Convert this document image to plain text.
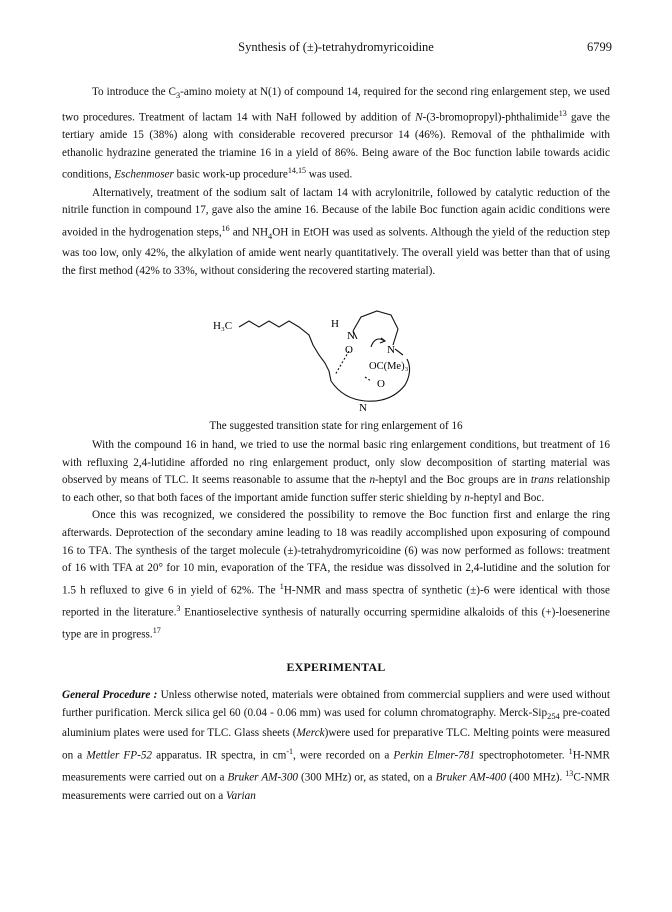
Synthesis of (±)-tetrahydromyricoidine	6799

To introduce the $C_3$-amino moiety at N(1) of compound 14, required for the second ring enlargement step, we used two procedures. Treatment of lactam 14 with NaH followed by addition of N-(3-bromopropyl)-phthalimide$^{13}$ gave the tertiary amide 15 (38%) along with considerable recovered precursor 14 (46%). Removal of the phthalimide with ethanolic hydrazine generated the triamine 16 in a yield of 86%. Being aware of the Boc function labile towards acidic conditions, Eschenmoser basic work-up procedure$^{14,15}$ was used.

Alternatively, treatment of the sodium salt of lactam 14 with acrylonitrile, followed by catalytic reduction of the nitrile function in compound 17, gave also the amine 16. Because of the labile Boc function again acidic conditions were avoided in the hydrogenation steps,$^{16}$ and $NH_4OH$ in EtOH was used as solvents. Although the yield of the reduction step was too low, only 42%, the alkylation of amide went nearly quantitatively. The overall yield was better than that of using the first method (42% to 33%, without considering the recovered starting material).

H₃C	H
N
O	N
OC(Me)₃
O
N
The suggested transition state for ring enlargement of 16

With the compound 16 in hand, we tried to use the normal basic ring enlargement conditions, but treatment of 16 with refluxing 2,4-lutidine afforded no ring enlargement product, only slow decomposition of starting material was observed by means of TLC. It seems reasonable to assume that the n-heptyl and the Boc groups are in trans relationship to each other, so that both faces of the important amide function suffer steric shielding by n-heptyl and Boc.

Once this was recognized, we considered the possibility to remove the Boc function first and enlarge the ring afterwards. Deprotection of the secondary amine leading to 18 was readily accomplished upon exposuring of compound 16 to TFA. The synthesis of the target molecule (±)-tetrahydromyricoidine (6) was now performed as follows: treatment of 16 with TFA at 20° for 10 min, evaporation of the TFA, the residue was dissolved in 2,4-lutidine and the solution for 1.5 h refluxed to give 6 in yield of 62%. The $^1$H-NMR and mass spectra of synthetic (±)-6 were identical with those reported in the literature.$^3$ Enantioselective synthesis of naturally occurring spermidine alkaloids of this (+)-loesenerine type are in progress.$^{17}$

EXPERIMENTAL

General Procedure : Unless otherwise noted, materials were obtained from commercial suppliers and were used without further purification. Merck silica gel 60 (0.04 - 0.06 mm) was used for column chromatography. Merck-Sip$_{254}$ pre-coated aluminium plates were used for TLC. Glass sheets (Merck)were used for preparative TLC. Melting points were measured on a Mettler FP-52 apparatus. IR spectra, in $cm^{-1}$, were recorded on a Perkin Elmer-781 spectrophotometer. $^1$H-NMR measurements were carried out on a Bruker AM-300 (300 MHz) or, as stated, on a Bruker AM-400 (400 MHz). $^{13}$C-NMR measurements were carried out on a Varian
